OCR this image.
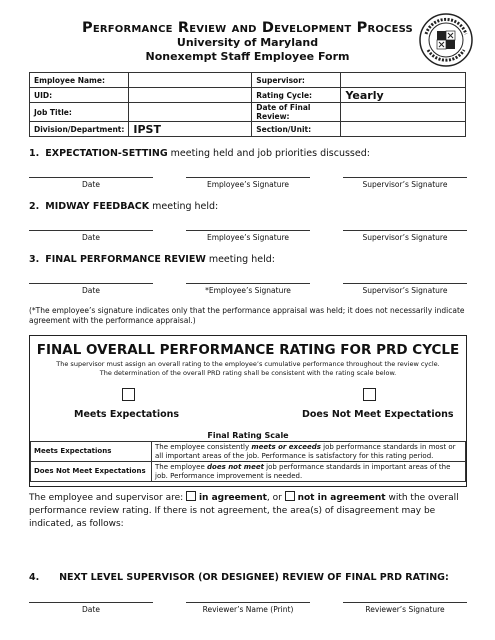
Performance Review and Development Process
University of Maryland
Nonexempt Staff Employee Form
Employee Name:		Supervisor:	
UID:		Rating Cycle:	Yearly
Job Title:		Date of Final Review:	
Division/Department:	IPST	Section/Unit:	
1. EXPECTATION-SETTING meeting held and job priorities discussed:
Date	Employee’s Signature	Supervisor’s Signature
2. MIDWAY FEEDBACK meeting held:
Date	Employee’s Signature	Supervisor’s Signature
3. FINAL PERFORMANCE REVIEW meeting held:
Date	*Employee’s Signature	Supervisor’s Signature
(*The employee’s signature indicates only that the performance appraisal was held; it does not necessarily indicate agreement with the performance appraisal.)
FINAL OVERALL PERFORMANCE RATING FOR PRD CYCLE
The supervisor must assign an overall rating to the employee’s cumulative performance throughout the review cycle. The determination of the overall PRD rating shall be consistent with the rating scale below.
Meets Expectations	Does Not Meet Expectations
Final Rating Scale
Meets Expectations	The employee consistently meets or exceeds job performance standards in most or all important areas of the job. Performance is satisfactory for this rating period.
Does Not Meet Expectations	The employee does not meet job performance standards in important areas of the job. Performance improvement is needed.
The employee and supervisor are:  in agreement, or  not in agreement with the overall performance review rating. If there is not agreement, the area(s) of disagreement may be indicated, as follows:
4.      NEXT LEVEL SUPERVISOR (OR DESIGNEE) REVIEW OF FINAL PRD RATING:
Date	Reviewer’s Name (Print)	Reviewer’s Signature
